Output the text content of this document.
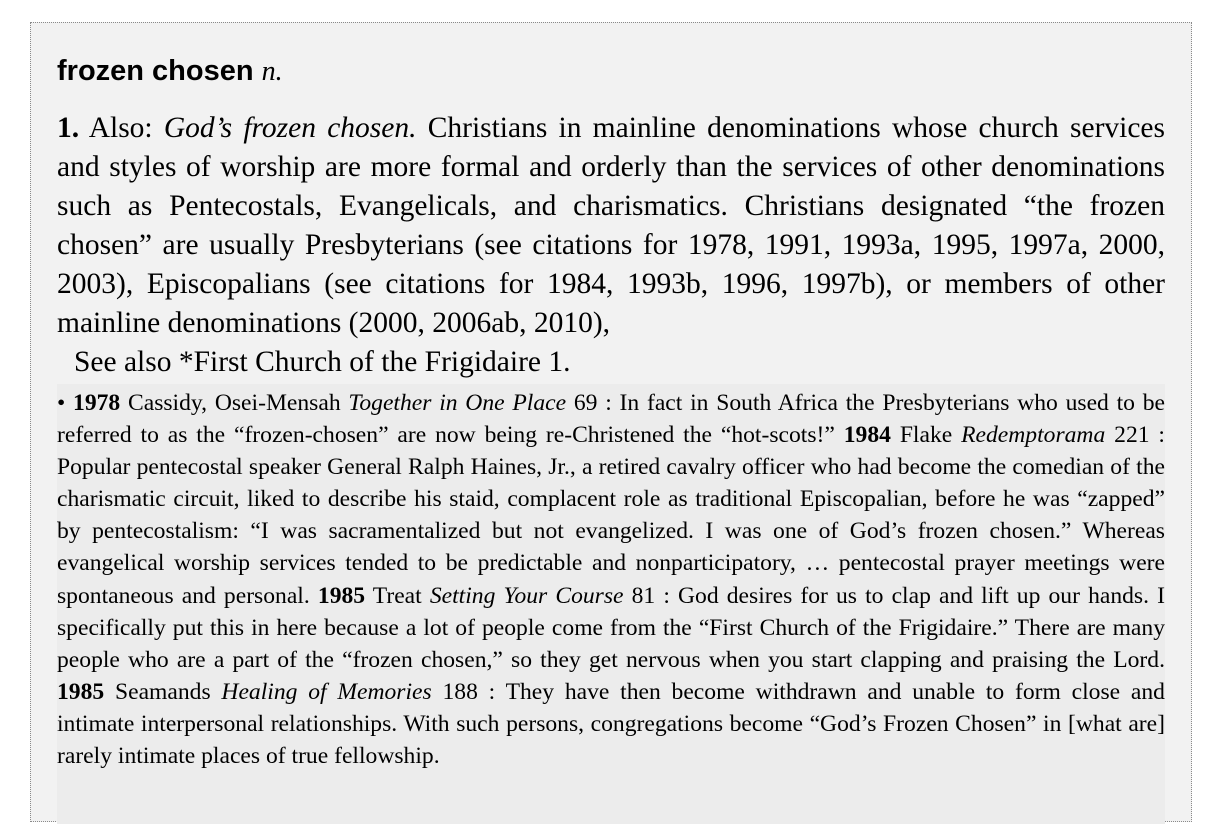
frozen chosen n.
1. Also: God’s frozen chosen. Christians in mainline denominations whose church services and styles of worship are more formal and orderly than the services of other denominations such as Pentecostals, Evangelicals, and charismatics. Christians designated “the frozen chosen” are usually Presbyterians (see citations for 1978, 1991, 1993a, 1995, 1997a, 2000, 2003), Episcopalians (see citations for 1984, 1993b, 1996, 1997b), or members of other mainline denominations (2000, 2006ab, 2010),
See also *First Church of the Frigidaire 1.
• 1978 Cassidy, Osei-Mensah Together in One Place 69 : In fact in South Africa the Presbyterians who used to be referred to as the “frozen-chosen” are now being re-Christened the “hot-scots!” 1984 Flake Redemptorama 221 : Popular pentecostal speaker General Ralph Haines, Jr., a retired cavalry officer who had become the comedian of the charismatic circuit, liked to describe his staid, complacent role as traditional Episcopalian, before he was “zapped” by pentecostalism: “I was sacramentalized but not evangelized. I was one of God’s frozen chosen.” Whereas evangelical worship services tended to be predictable and nonparticipatory, … pentecostal prayer meetings were spontaneous and personal. 1985 Treat Setting Your Course 81 : God desires for us to clap and lift up our hands. I specifically put this in here because a lot of people come from the “First Church of the Frigidaire.” There are many people who are a part of the “frozen chosen,” so they get nervous when you start clapping and praising the Lord. 1985 Seamands Healing of Memories 188 : They have then become withdrawn and unable to form close and intimate interpersonal relationships. With such persons, congregations become “God’s Frozen Chosen” in [what are] rarely intimate places of true fellowship.
